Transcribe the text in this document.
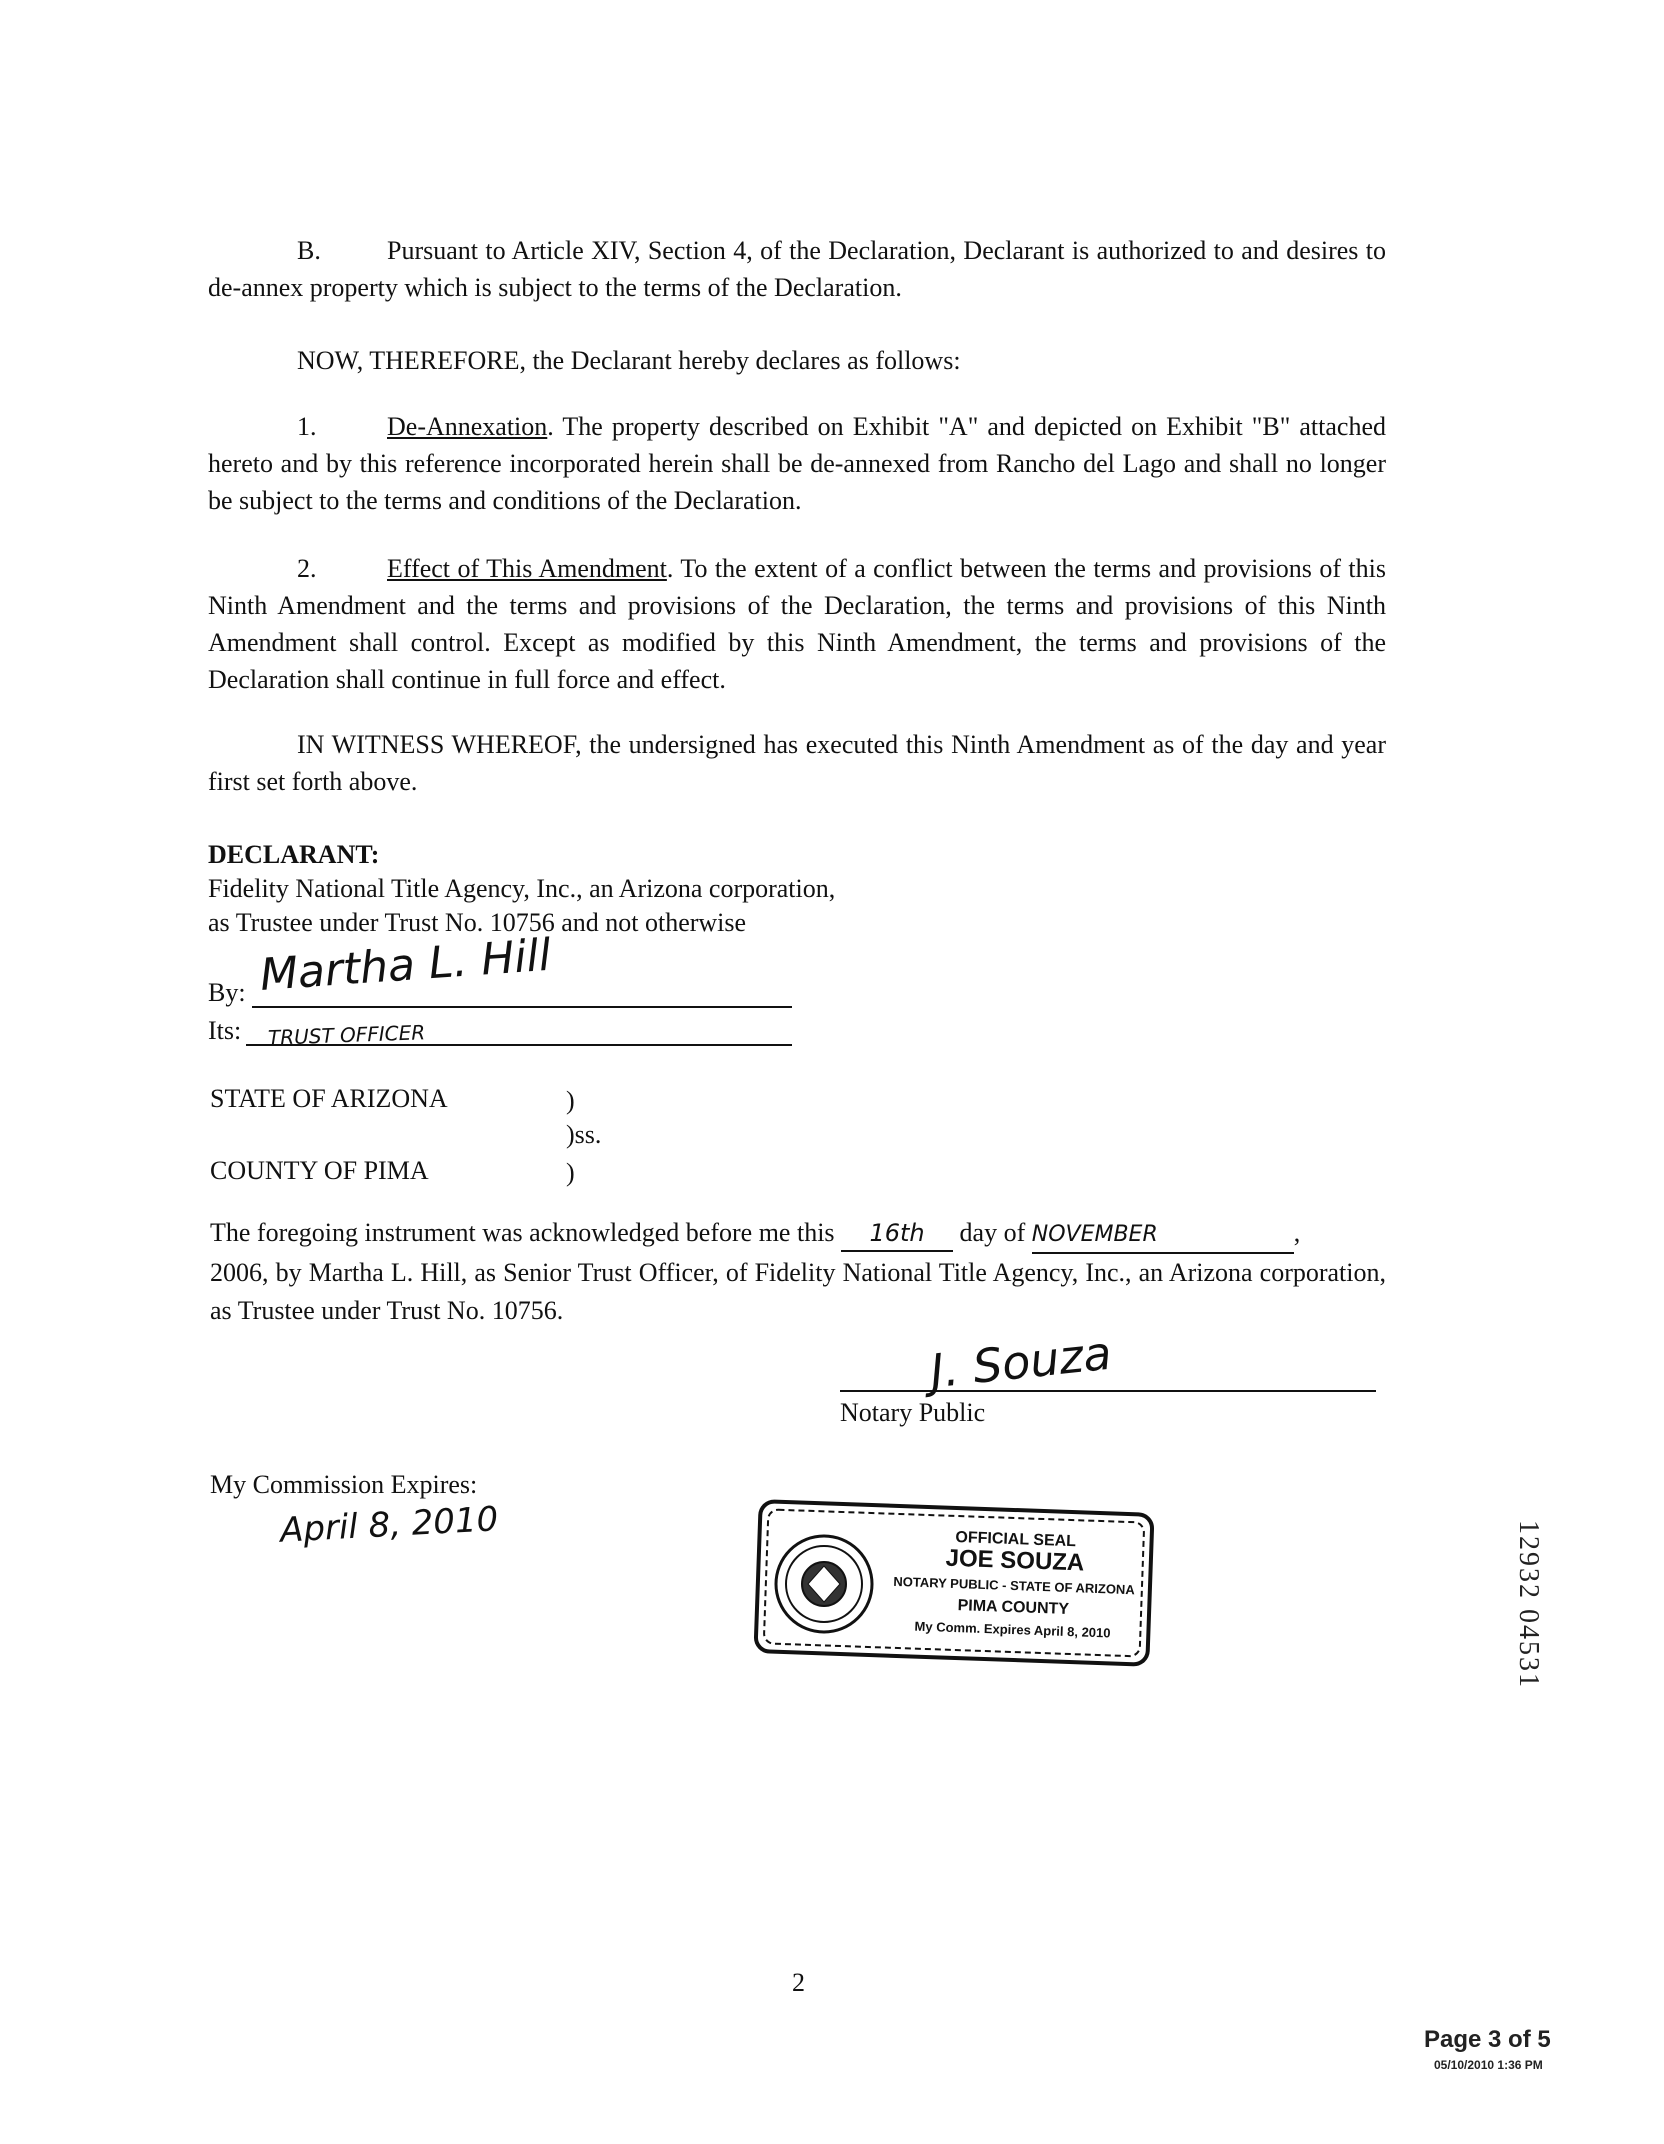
B.	Pursuant to Article XIV, Section 4, of the Declaration, Declarant is authorized to and desires to de-annex property which is subject to the terms of the Declaration.
NOW, THEREFORE, the Declarant hereby declares as follows:
1.	De-Annexation. The property described on Exhibit "A" and depicted on Exhibit "B" attached hereto and by this reference incorporated herein shall be de-annexed from Rancho del Lago and shall no longer be subject to the terms and conditions of the Declaration.
2.	Effect of This Amendment. To the extent of a conflict between the terms and provisions of this Ninth Amendment and the terms and provisions of the Declaration, the terms and provisions of this Ninth Amendment shall control. Except as modified by this Ninth Amendment, the terms and provisions of the Declaration shall continue in full force and effect.
IN WITNESS WHEREOF, the undersigned has executed this Ninth Amendment as of the day and year first set forth above.
DECLARANT:
Fidelity National Title Agency, Inc., an Arizona corporation,
as Trustee under Trust No. 10756 and not otherwise
By: Martha L. Hill
Its: TRUST OFFICER
STATE OF ARIZONA	)
)ss.
COUNTY OF PIMA	)
The foregoing instrument was acknowledged before me this 16th day of NOVEMBER	,
2006, by Martha L. Hill, as Senior Trust Officer, of Fidelity National Title Agency, Inc., an Arizona corporation, as Trustee under Trust No. 10756.
J. Souza
Notary Public
My Commission Expires:
April 8, 2010	OFFICIAL SEAL
JOE SOUZA
NOTARY PUBLIC - STATE OF ARIZONA
PIMA COUNTY
My Comm. Expires April 8, 2010	12932 04531
2
Page 3 of 5
05/10/2010 1:36 PM
